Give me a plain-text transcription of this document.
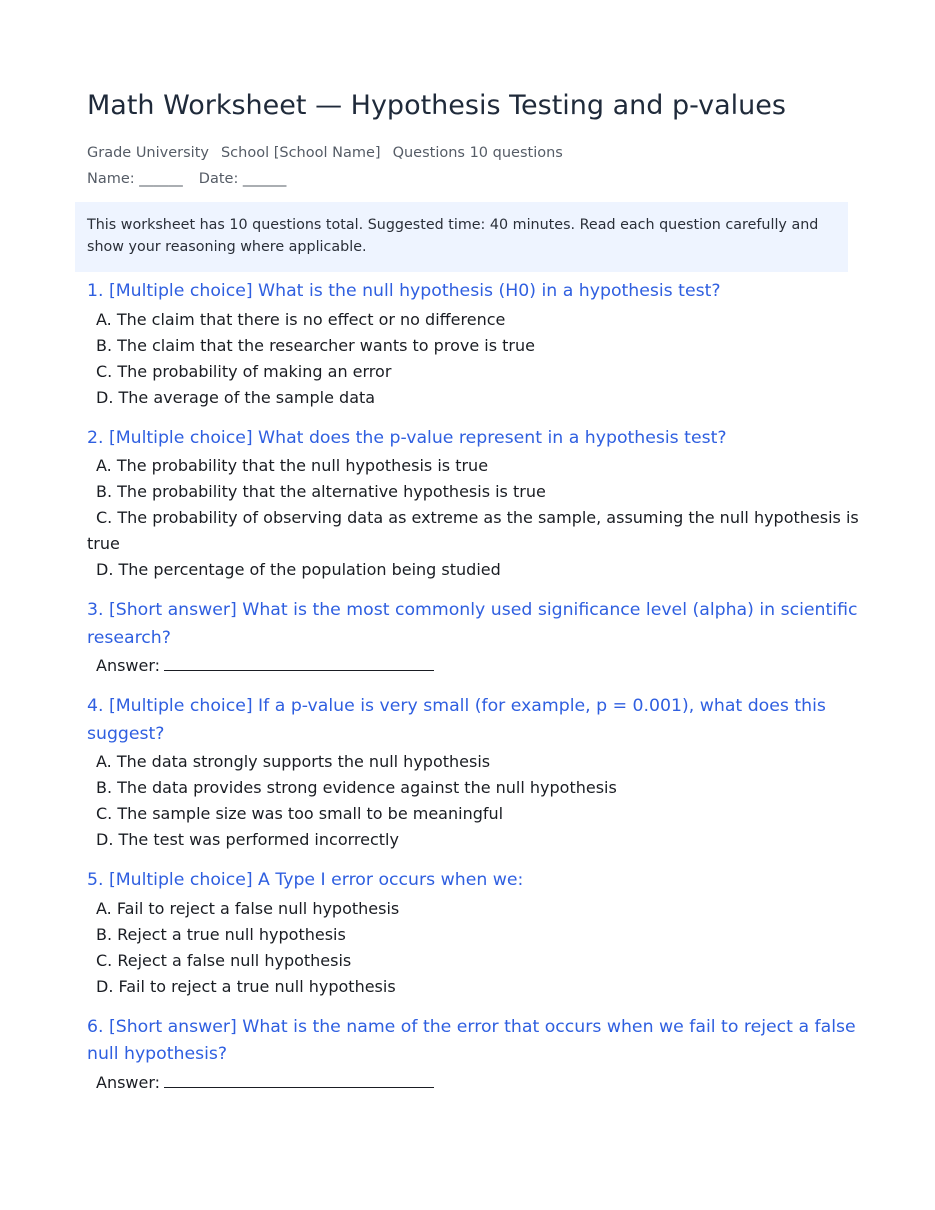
Math Worksheet — Hypothesis Testing and p-values
Grade University School [School Name] Questions 10 questions
Name: ______ Date: ______
This worksheet has 10 questions total. Suggested time: 40 minutes. Read each question carefully and show your reasoning where applicable.
1. [Multiple choice] What is the null hypothesis (H0) in a hypothesis test?
A. The claim that there is no effect or no difference
B. The claim that the researcher wants to prove is true
C. The probability of making an error
D. The average of the sample data
2. [Multiple choice] What does the p-value represent in a hypothesis test?
A. The probability that the null hypothesis is true
B. The probability that the alternative hypothesis is true
C. The probability of observing data as extreme as the sample, assuming the null hypothesis is true
D. The percentage of the population being studied
3. [Short answer] What is the most commonly used significance level (alpha) in scientific research?
Answer:
4. [Multiple choice] If a p-value is very small (for example, p = 0.001), what does this suggest?
A. The data strongly supports the null hypothesis
B. The data provides strong evidence against the null hypothesis
C. The sample size was too small to be meaningful
D. The test was performed incorrectly
5. [Multiple choice] A Type I error occurs when we:
A. Fail to reject a false null hypothesis
B. Reject a true null hypothesis
C. Reject a false null hypothesis
D. Fail to reject a true null hypothesis
6. [Short answer] What is the name of the error that occurs when we fail to reject a false null hypothesis?
Answer:
